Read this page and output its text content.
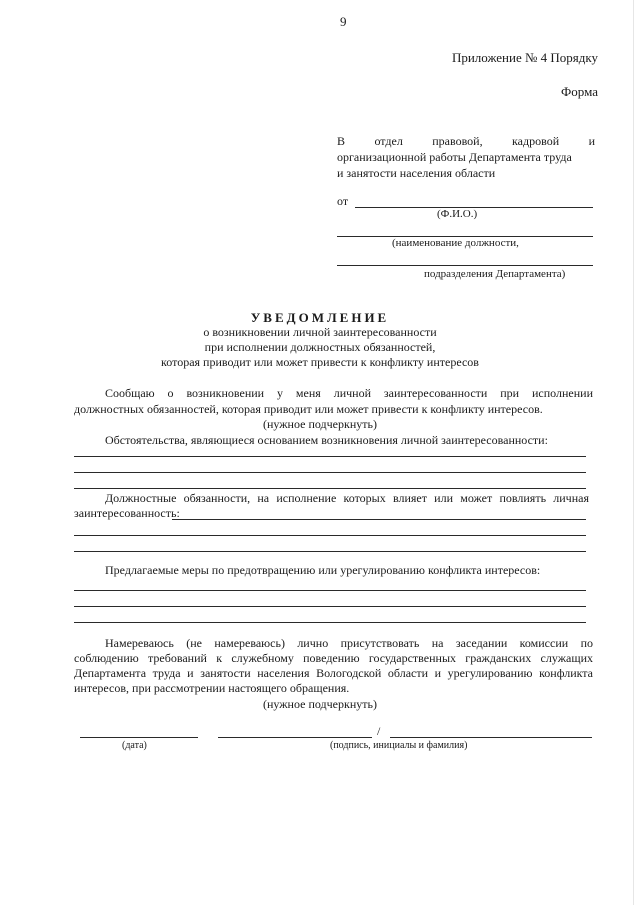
9
Приложение № 4 Порядку
Форма
В отдел правовой, кадровой и
организационной работы Департамента труда
и занятости населения области
от
(Ф.И.О.)
(наименование должности,
подразделения Департамента)
УВЕДОМЛЕНИЕ
о возникновении личной заинтересованности
при исполнении должностных обязанностей,
которая приводит или может привести к конфликту интересов
Сообщаю о возникновении у меня личной заинтересованности при исполнении
должностных обязанностей, которая приводит или может привести к конфликту интересов.
(нужное подчеркнуть)
Обстоятельства, являющиеся основанием возникновения личной заинтересованности:
Должностные обязанности, на исполнение которых влияет или может повлиять личная
заинтересованность:
Предлагаемые меры по предотвращению или урегулированию конфликта интересов:
Намереваюсь (не намереваюсь) лично присутствовать на заседании комиссии по
соблюдению требований к служебному поведению государственных гражданских служащих
Департамента труда и занятости населения Вологодской области и урегулированию конфликта
интересов, при рассмотрении настоящего обращения.
(нужное подчеркнуть)
/
(дата)	(подпись, инициалы и фамилия)
